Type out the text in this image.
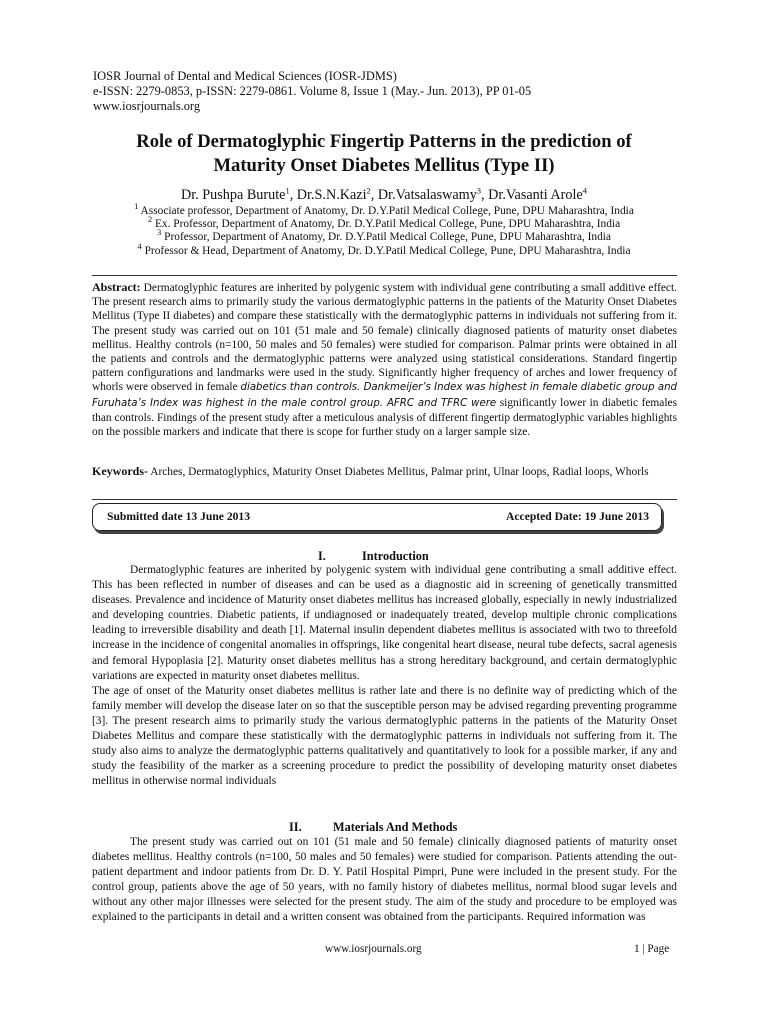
IOSR Journal of Dental and Medical Sciences (IOSR-JDMS)
e-ISSN: 2279-0853, p-ISSN: 2279-0861. Volume 8, Issue 1 (May.- Jun. 2013), PP 01-05
www.iosrjournals.org
Role of Dermatoglyphic Fingertip Patterns in the prediction of
Maturity Onset Diabetes Mellitus (Type II)
Dr. Pushpa Burute$^1$, Dr.S.N.Kazi$^2$, Dr.Vatsalaswamy$^3$, Dr.Vasanti Arole$^4$
$^1$ Associate professor, Department of Anatomy, Dr. D.Y.Patil Medical College, Pune, DPU Maharashtra, India
$^2$ Ex. Professor, Department of Anatomy, Dr. D.Y.Patil Medical College, Pune, DPU Maharashtra, India
$^3$ Professor, Department of Anatomy, Dr. D.Y.Patil Medical College, Pune, DPU Maharashtra, India
$^4$ Professor & Head, Department of Anatomy, Dr. D.Y.Patil Medical College, Pune, DPU Maharashtra, India
Abstract: Dermatoglyphic features are inherited by polygenic system with individual gene contributing a small additive effect. The present research aims to primarily study the various dermatoglyphic patterns in the patients of the Maturity Onset Diabetes Mellitus (Type II diabetes) and compare these statistically with the dermatoglyphic patterns in individuals not suffering from it. The present study was carried out on 101 (51 male and 50 female) clinically diagnosed patients of maturity onset diabetes mellitus. Healthy controls (n=100, 50 males and 50 females) were studied for comparison. Palmar prints were obtained in all the patients and controls and the dermatoglyphic patterns were analyzed using statistical considerations. Standard fingertip pattern configurations and landmarks were used in the study. Significantly higher frequency of arches and lower frequency of whorls were observed in female diabetics than controls. Dankmeijer’s Index was highest in female diabetic group and Furuhata’s Index was highest in the male control group. AFRC and TFRC were significantly lower in diabetic females than controls. Findings of the present study after a meticulous analysis of different fingertip dermatoglyphic variables highlights on the possible markers and indicate that there is scope for further study on a larger sample size.
Keywords- Arches, Dermatoglyphics, Maturity Onset Diabetes Mellitus, Palmar print, Ulnar loops, Radial loops, Whorls
Submitted date 13 June 2013	Accepted Date: 19 June 2013
I.	Introduction

Dermatoglyphic features are inherited by polygenic system with individual gene contributing a small additive effect. This has been reflected in number of diseases and can be used as a diagnostic aid in screening of genetically transmitted diseases. Prevalence and incidence of Maturity onset diabetes mellitus has increased globally, especially in newly industrialized and developing countries. Diabetic patients, if undiagnosed or inadequately treated, develop multiple chronic complications leading to irreversible disability and death [1]. Maternal insulin dependent diabetes mellitus is associated with two to threefold increase in the incidence of congenital anomalies in offsprings, like congenital heart disease, neural tube defects, sacral agenesis and femoral Hypoplasia [2]. Maturity onset diabetes mellitus has a strong hereditary background, and certain dermatoglyphic variations are expected in maturity onset diabetes mellitus.

The age of onset of the Maturity onset diabetes mellitus is rather late and there is no definite way of predicting which of the family member will develop the disease later on so that the susceptible person may be advised regarding preventing programme [3]. The present research aims to primarily study the various dermatoglyphic patterns in the patients of the Maturity Onset Diabetes Mellitus and compare these statistically with the dermatoglyphic patterns in individuals not suffering from it. The study also aims to analyze the dermatoglyphic patterns qualitatively and quantitatively to look for a possible marker, if any and study the feasibility of the marker as a screening procedure to predict the possibility of developing maturity onset diabetes mellitus in otherwise normal individuals

II.	Materials And Methods

The present study was carried out on 101 (51 male and 50 female) clinically diagnosed patients of maturity onset diabetes mellitus. Healthy controls (n=100, 50 males and 50 females) were studied for comparison. Patients attending the out-patient department and indoor patients from Dr. D. Y. Patil Hospital Pimpri, Pune were included in the present study. For the control group, patients above the age of 50 years, with no family history of diabetes mellitus, normal blood sugar levels and without any other major illnesses were selected for the present study. The aim of the study and procedure to be employed was explained to the participants in detail and a written consent was obtained from the participants. Required information was

www.iosrjournals.org	1 | Page
